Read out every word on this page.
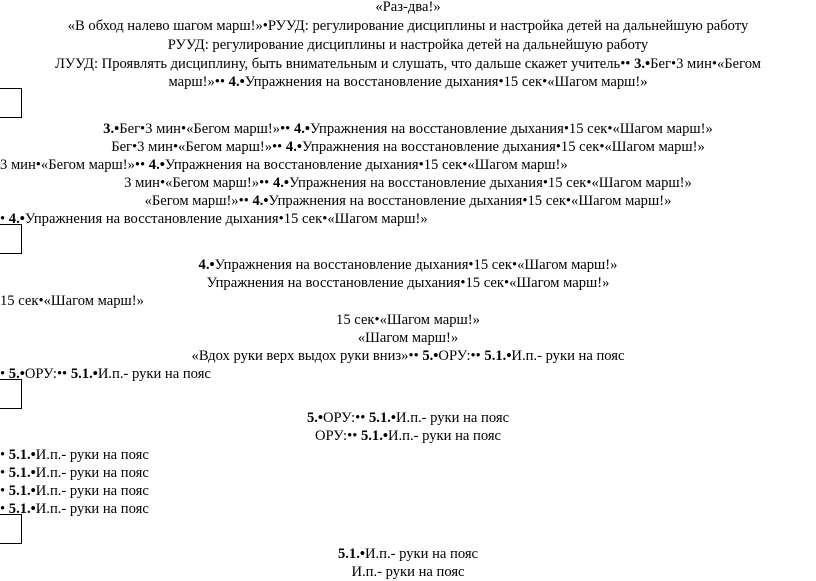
«Раз-два!»
«В обход налево шагом марш!»•РУУД: регулирование дисциплины и настройка детей на дальнейшую работу
РУУД: регулирование дисциплины и настройка детей на дальнейшую работу
ЛУУД: Проявлять дисциплину, быть внимательным и слушать, что дальше скажет учитель•• 3.•Бег•3 мин•«Бегом
марш!»•• 4.•Упражнения на восстановление дыхания•15 сек•«Шагом марш!»
3.•Бег•3 мин•«Бегом марш!»•• 4.•Упражнения на восстановление дыхания•15 сек•«Шагом марш!»
Бег•3 мин•«Бегом марш!»•• 4.•Упражнения на восстановление дыхания•15 сек•«Шагом марш!»
3 мин•«Бегом марш!»•• 4.•Упражнения на восстановление дыхания•15 сек•«Шагом марш!»
3 мин•«Бегом марш!»•• 4.•Упражнения на восстановление дыхания•15 сек•«Шагом марш!»
«Бегом марш!»•• 4.•Упражнения на восстановление дыхания•15 сек•«Шагом марш!»
• 4.•Упражнения на восстановление дыхания•15 сек•«Шагом марш!»
4.•Упражнения на восстановление дыхания•15 сек•«Шагом марш!»
Упражнения на восстановление дыхания•15 сек•«Шагом марш!»
15 сек•«Шагом марш!»
15 сек•«Шагом марш!»
«Шагом марш!»
«Вдох руки верх выдох руки вниз»•• 5.•ОРУ:•• 5.1.•И.п.- руки на пояс
• 5.•ОРУ:•• 5.1.•И.п.- руки на пояс
5.•ОРУ:•• 5.1.•И.п.- руки на пояс
ОРУ:•• 5.1.•И.п.- руки на пояс
• 5.1.•И.п.- руки на пояс
• 5.1.•И.п.- руки на пояс
• 5.1.•И.п.- руки на пояс
• 5.1.•И.п.- руки на пояс
5.1.•И.п.- руки на пояс
И.п.- руки на пояс
